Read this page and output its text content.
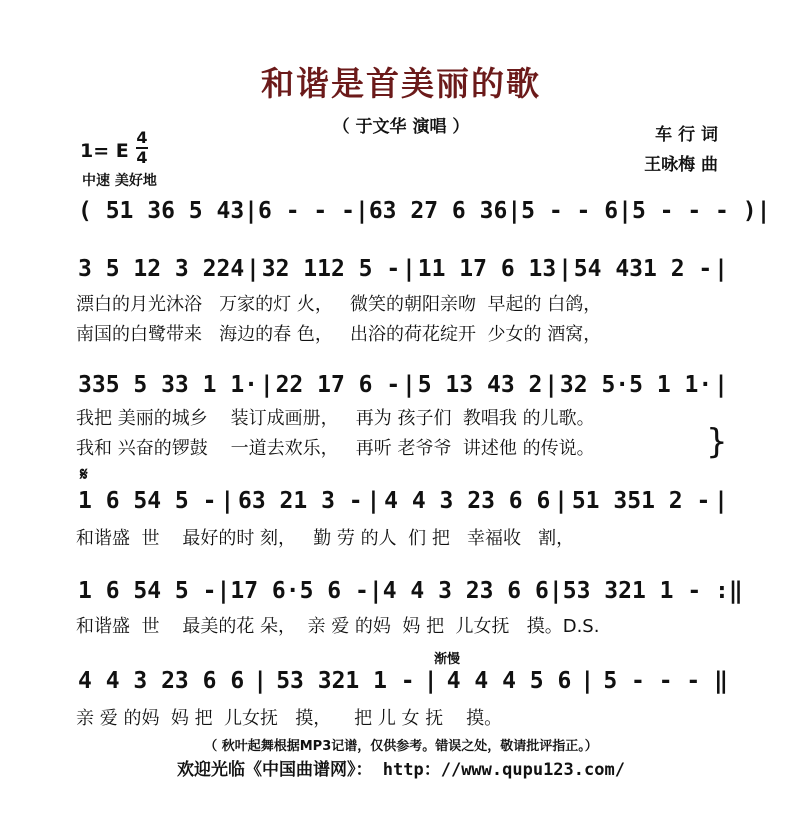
和谐是首美丽的歌
（ 于文华 演唱 ）	车 行 词
王咏梅 曲
1= E
4
4
中速 美好地
( 51 36 5 43 | 6 - - - | 63 27 6 36 | 5 - - 6 | 5 - - - ) |
3 5 12 3 224 | 32 112 5 - | 11 17 6 13 | 54 431 2 - |
漂白的月光沐浴   万家的灯 火，   微笑的朝阳亲吻  早起的 白鸽，
南国的白鹭带来   海边的春 色，   出浴的荷花绽开  少女的 酒窝，
335 5 33 1 1· | 22 17 6 - | 5 13 43 2 | 32 5·5 1 1· |
我把 美丽的城乡    装订成画册，   再为 孩子们  教唱我 的儿歌。
我和 兴奋的锣鼓    一道去欢乐，   再听 老爷爷  讲述他 的传说。	}
𝄋
1 6 54 5 - | 63 21 3 - | 4 4 3 23 6 6 | 51 351 2 - |
和谐盛  世    最好的时 刻，   勤 劳 的人  们 把   幸福收   割，
1 6 54 5 - | 17 6·5 6 - | 4 4 3 23 6 6 | 53 321 1 - :‖
和谐盛  世    最美的花 朵，  亲 爱 的妈  妈 把  儿女抚   摸。D.S.
渐慢
4 4 3 23 6 6 | 53 321 1 - | 4 4 4 5 6 | 5 - - - ‖
亲 爱 的妈  妈 把  儿女抚   摸，    把 儿 女 抚    摸。
（ 秋叶起舞根据MP3记谱，仅供参考。错误之处，敬请批评指正。）
欢迎光临《中国曲谱网》： http：//www.qupu123.com/
